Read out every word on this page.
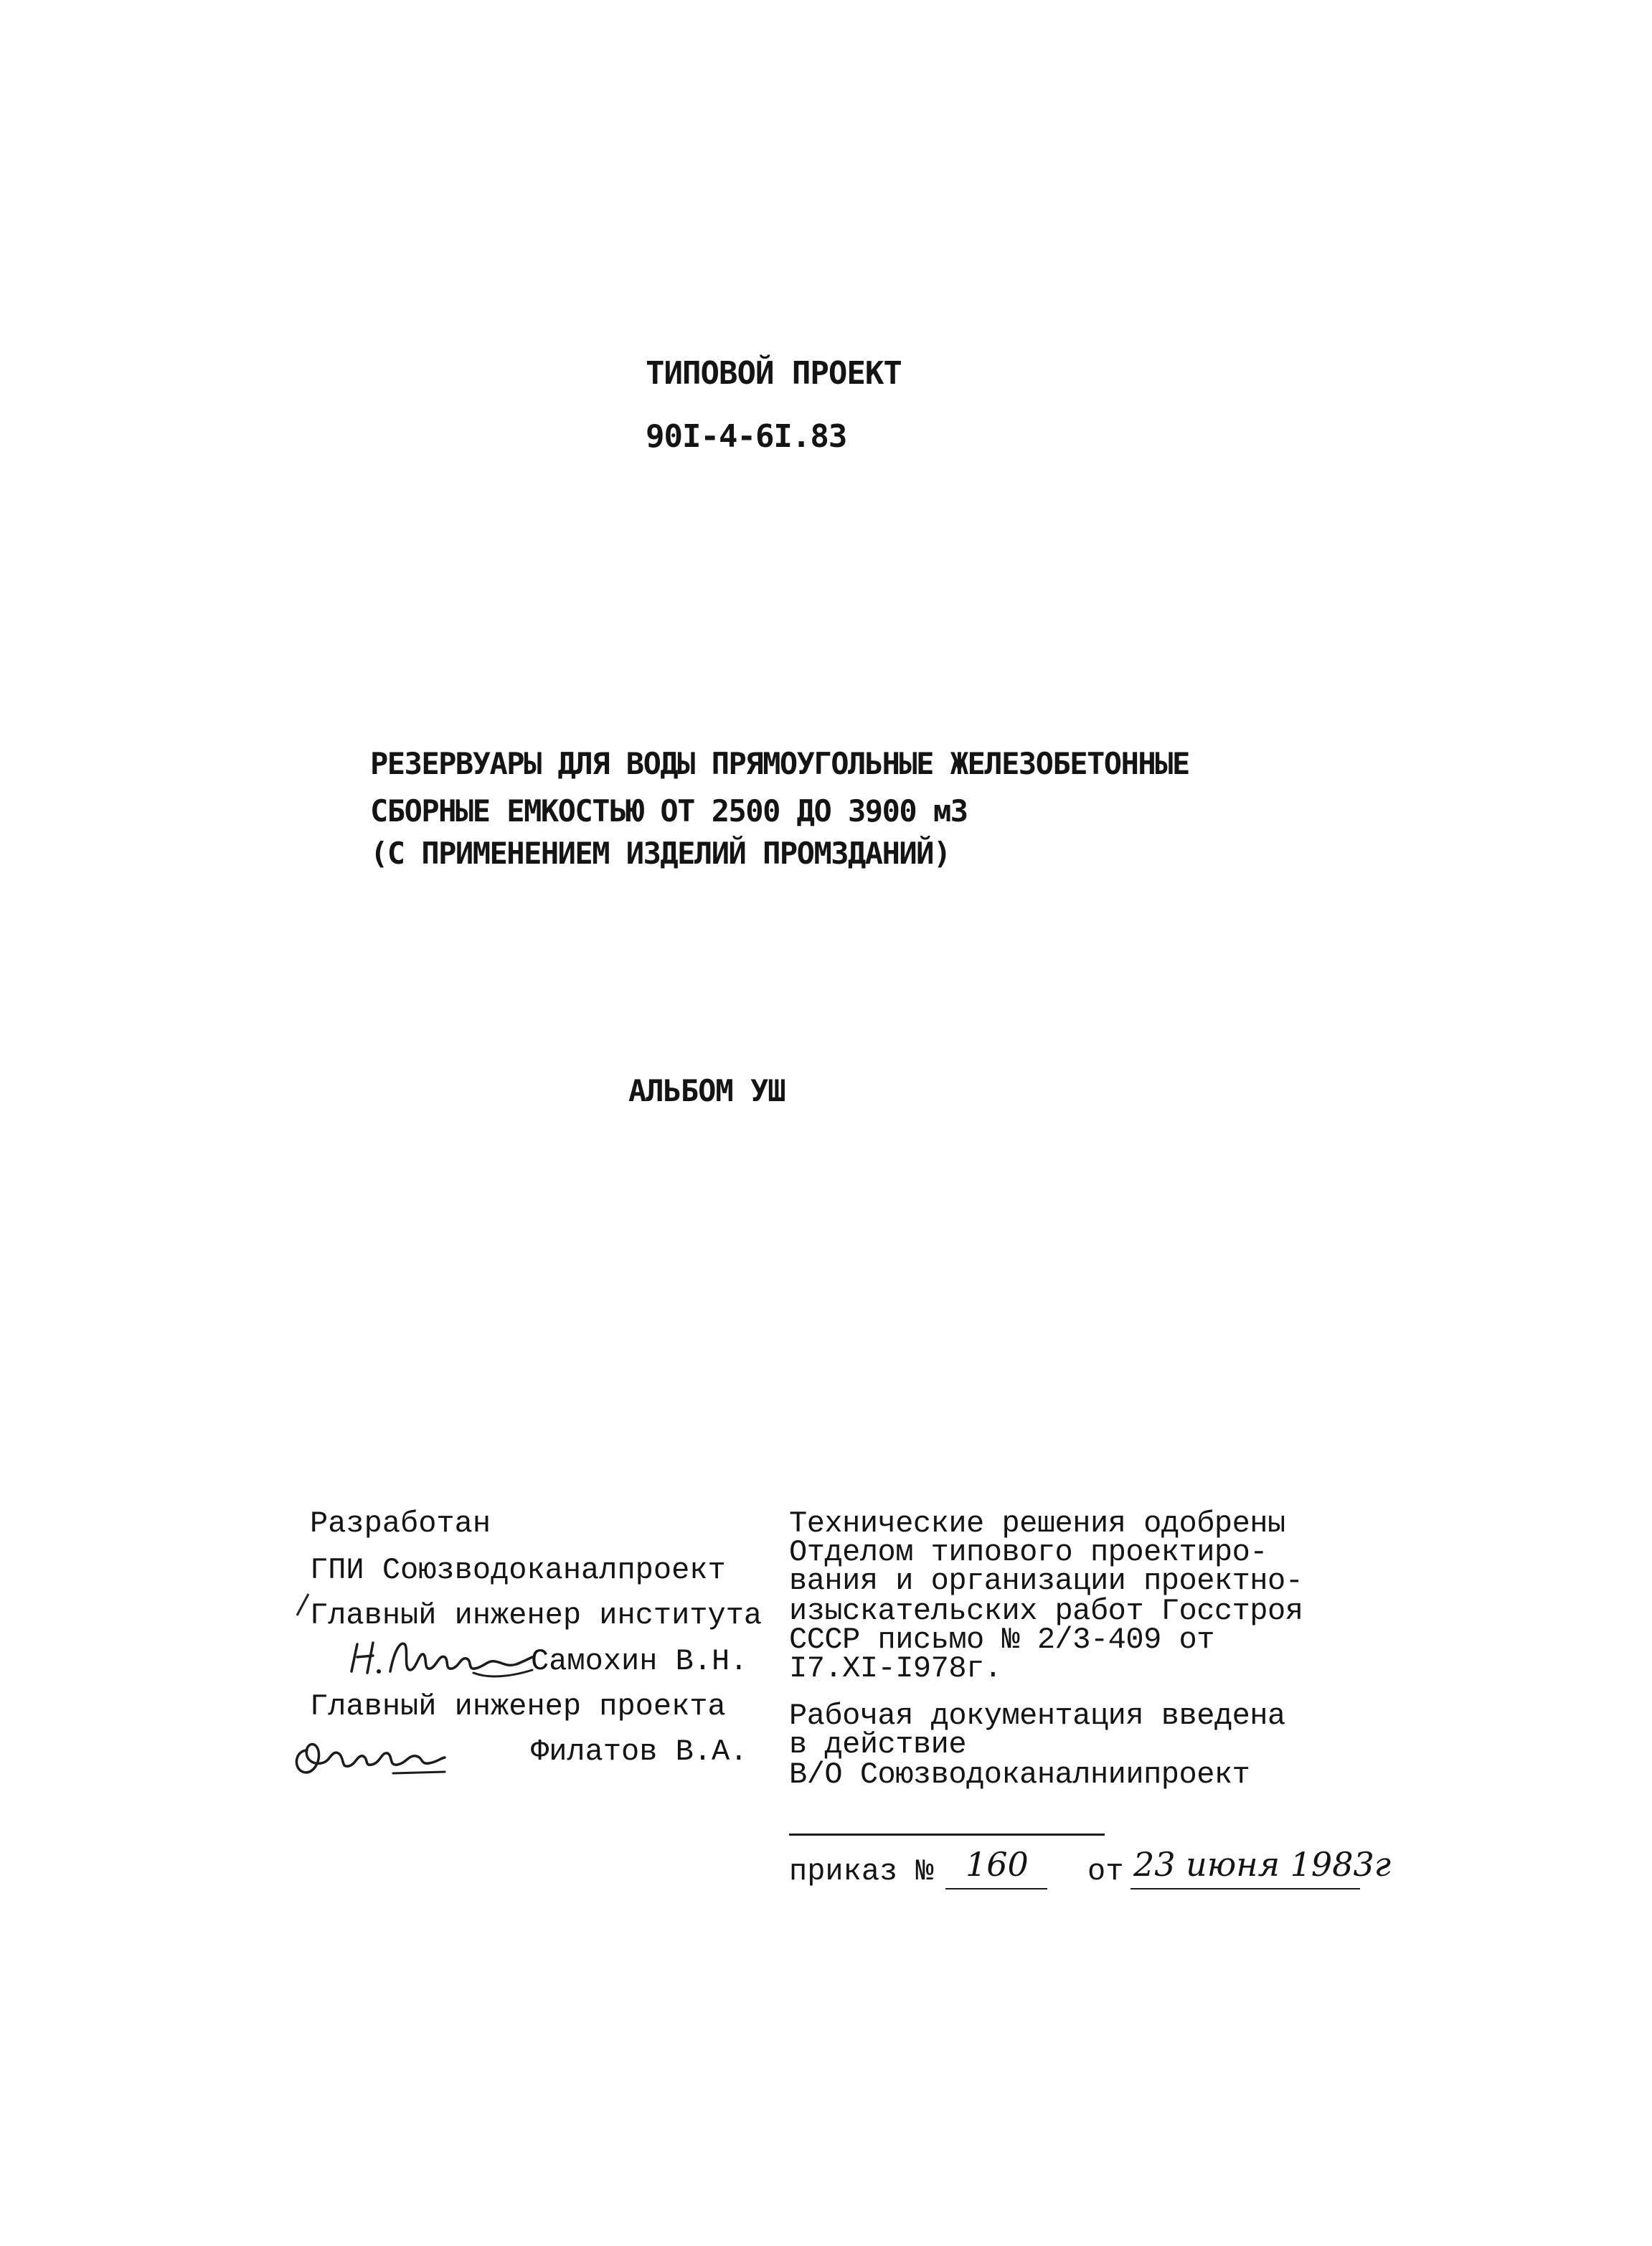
ТИПОВОЙ ПРОЕКТ
90I-4-6I.83
РЕЗЕРВУАРЫ ДЛЯ ВОДЫ ПРЯМОУГОЛЬНЫЕ ЖЕЛЕЗОБЕТОННЫЕ
СБОРНЫЕ ЕМКОСТЬЮ ОТ 2500 ДО 3900 м3
(С ПРИМЕНЕНИЕМ ИЗДЕЛИЙ ПРОМЗДАНИЙ)
АЛЬБОМ УШ
Разработан
ГПИ Союзводоканалпроект
Главный инженер института
Самохин В.Н.
Главный инженер проекта
Филатов В.А.
Технические решения одобрены
Отделом типового проектиро-
вания и организации проектно-
изыскательских работ Госстроя
СССР письмо № 2/3-409 от
I7.XI-I978г.
Рабочая документация введена
в действие
В/О Союзводоканалниипроект
приказ № 160 от 23 июня 1983г
